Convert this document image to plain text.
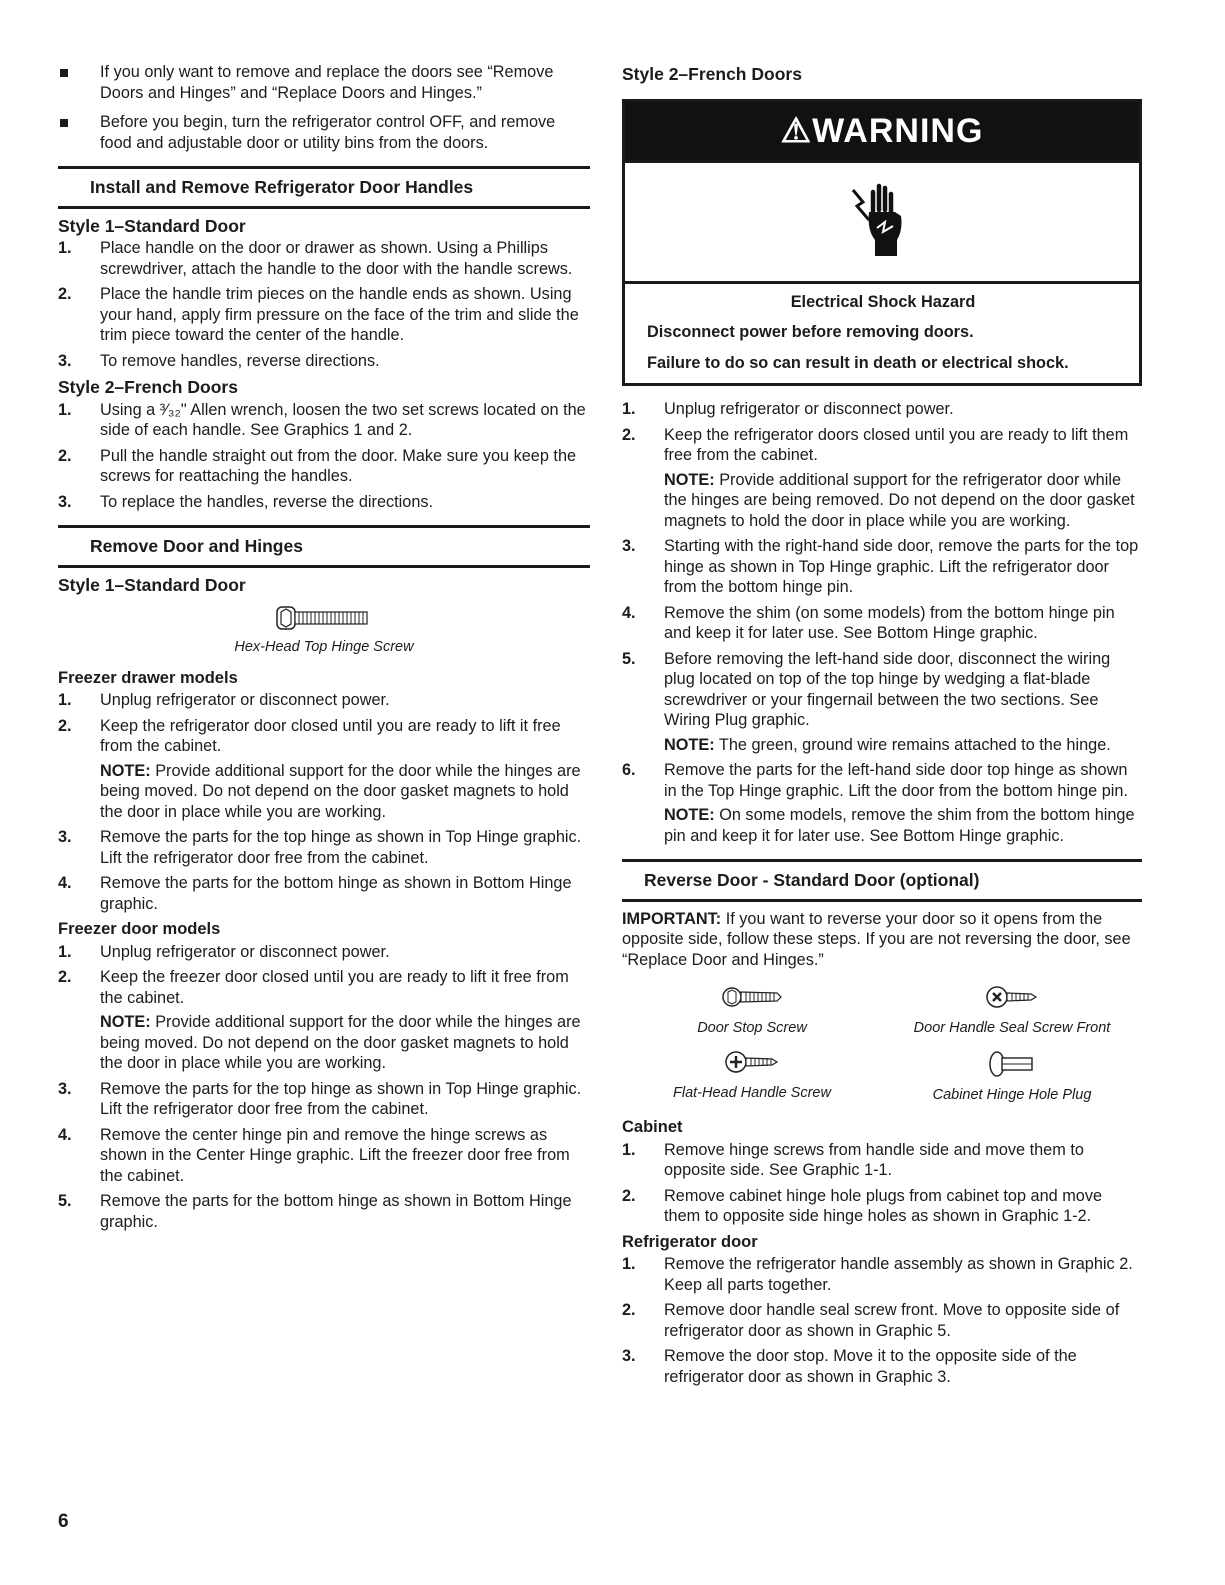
If you only want to remove and replace the doors see “Remove Doors and Hinges” and “Replace Doors and Hinges.”

Before you begin, turn the refrigerator control OFF, and remove food and adjustable door or utility bins from the doors.

Install and Remove Refrigerator Door Handles
Style 1–Standard Door
1. Place handle on the door or drawer as shown. Using a Phillips screwdriver, attach the handle to the door with the handle screws.

2. Place the handle trim pieces on the handle ends as shown. Using your hand, apply firm pressure on the face of the trim and slide the trim piece toward the center of the handle.

3. To remove handles, reverse directions.

Style 2–French Doors
1. Using a ³⁄₃₂" Allen wrench, loosen the two set screws located on the side of each handle. See Graphics 1 and 2.

2. Pull the handle straight out from the door. Make sure you keep the screws for reattaching the handles.

3. To replace the handles, reverse the directions.

Remove Door and Hinges
Style 1–Standard Door

Hex-Head Top Hinge Screw

Freezer drawer models
1. Unplug refrigerator or disconnect power.

2. Keep the refrigerator door closed until you are ready to lift it free from the cabinet.

NOTE: Provide additional support for the door while the hinges are being moved. Do not depend on the door gasket magnets to hold the door in place while you are working.

3. Remove the parts for the top hinge as shown in Top Hinge graphic. Lift the refrigerator door free from the cabinet.

4. Remove the parts for the bottom hinge as shown in Bottom Hinge graphic.

Freezer door models
1. Unplug refrigerator or disconnect power.

2. Keep the freezer door closed until you are ready to lift it free from the cabinet.

NOTE: Provide additional support for the door while the hinges are being moved. Do not depend on the door gasket magnets to hold the door in place while you are working.

3. Remove the parts for the top hinge as shown in Top Hinge graphic. Lift the refrigerator door free from the cabinet.

4. Remove the center hinge pin and remove the hinge screws as shown in the Center Hinge graphic. Lift the freezer door free from the cabinet.

5. Remove the parts for the bottom hinge as shown in Bottom Hinge graphic.

Style 2–French Doors
⚠WARNING

Electrical Shock Hazard

Disconnect power before removing doors.

Failure to do so can result in death or electrical shock.

1. Unplug refrigerator or disconnect power.

2. Keep the refrigerator doors closed until you are ready to lift them free from the cabinet.

NOTE: Provide additional support for the refrigerator door while the hinges are being removed. Do not depend on the door gasket magnets to hold the door in place while you are working.

3. Starting with the right-hand side door, remove the parts for the top hinge as shown in Top Hinge graphic. Lift the refrigerator door from the bottom hinge pin.

4. Remove the shim (on some models) from the bottom hinge pin and keep it for later use. See Bottom Hinge graphic.

5. Before removing the left-hand side door, disconnect the wiring plug located on top of the top hinge by wedging a flat-blade screwdriver or your fingernail between the two sections. See Wiring Plug graphic.

NOTE: The green, ground wire remains attached to the hinge.

6. Remove the parts for the left-hand side door top hinge as shown in the Top Hinge graphic. Lift the door from the bottom hinge pin.

NOTE: On some models, remove the shim from the bottom hinge pin and keep it for later use. See Bottom Hinge graphic.

Reverse Door - Standard Door (optional)

IMPORTANT: If you want to reverse your door so it opens from the opposite side, follow these steps. If you are not reversing the door, see “Replace Door and Hinges.”

Door Stop Screw	Door Handle Seal Screw Front

Flat-Head Handle Screw	Cabinet Hinge Hole Plug

Cabinet
1. Remove hinge screws from handle side and move them to opposite side. See Graphic 1-1.

2. Remove cabinet hinge hole plugs from cabinet top and move them to opposite side hinge holes as shown in Graphic 1-2.

Refrigerator door
1. Remove the refrigerator handle assembly as shown in Graphic 2. Keep all parts together.

2. Remove door handle seal screw front. Move to opposite side of refrigerator door as shown in Graphic 5.

3. Remove the door stop. Move it to the opposite side of the refrigerator door as shown in Graphic 3.

6
